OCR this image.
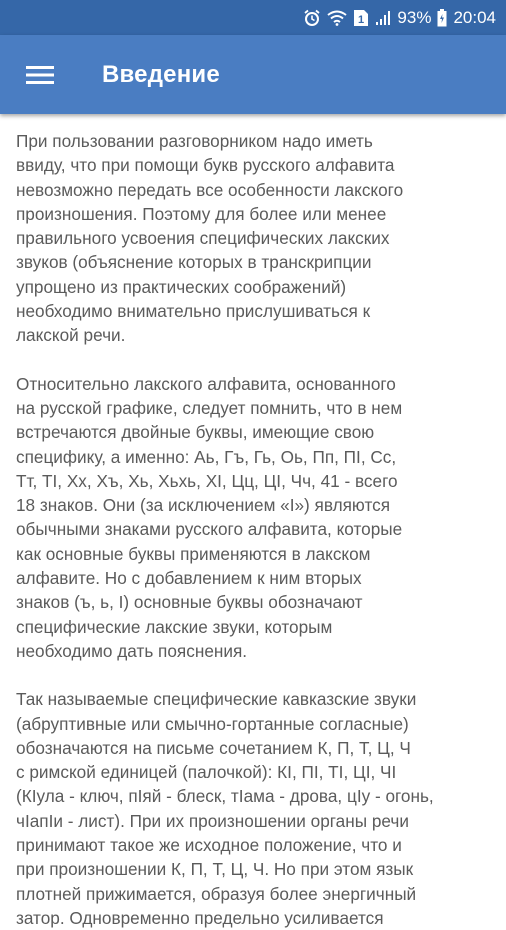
1 93% 20:04
Введение

При пользовании разговорником надо иметь
ввиду, что при помощи букв русского алфавита
невозможно передать все особенности лакского
произношения. Поэтому для более или менее
правильного усвоения специфических лакских
звуков (объяснение которых в транскрипции
упрощено из практических соображений)
необходимо внимательно прислушиваться к
лакской речи.

Относительно лакского алфавита, основанного
на русской графике, следует помнить, что в нем
встречаются двойные буквы, имеющие свою
специфику, а именно: Аь, Гъ, Гь, Оь, Пп, ПI, Сс,
Тт, ТI, Хх, Хъ, Хь, Хьхь, XI, Цц, ЦI, Чч, 41 - всего
18 знаков. Они (за исключением «I») являются
обычными знаками русского алфавита, которые
как основные буквы применяются в лакском
алфавите. Но с добавлением к ним вторых
знаков (ъ, ь, I) основные буквы обозначают
специфические лакские звуки, которым
необходимо дать пояснения.

Так называемые специфические кавказские звуки
(абруптивные или смычно-гортанные согласные)
обозначаются на письме сочетанием К, П, Т, Ц, Ч
с римской единицей (палочкой): КI, ПI, ТI, ЦI, ЧI
(КIула - ключ, пIяй - блеск, тIама - дрова, цIу - огонь,
чIапIи - лист). При их произношении органы речи
принимают такое же исходное положение, что и
при произношении К, П, Т, Ц, Ч. Но при этом язык
плотней прижимается, образуя более энергичный
затор. Одновременно предельно усиливается
